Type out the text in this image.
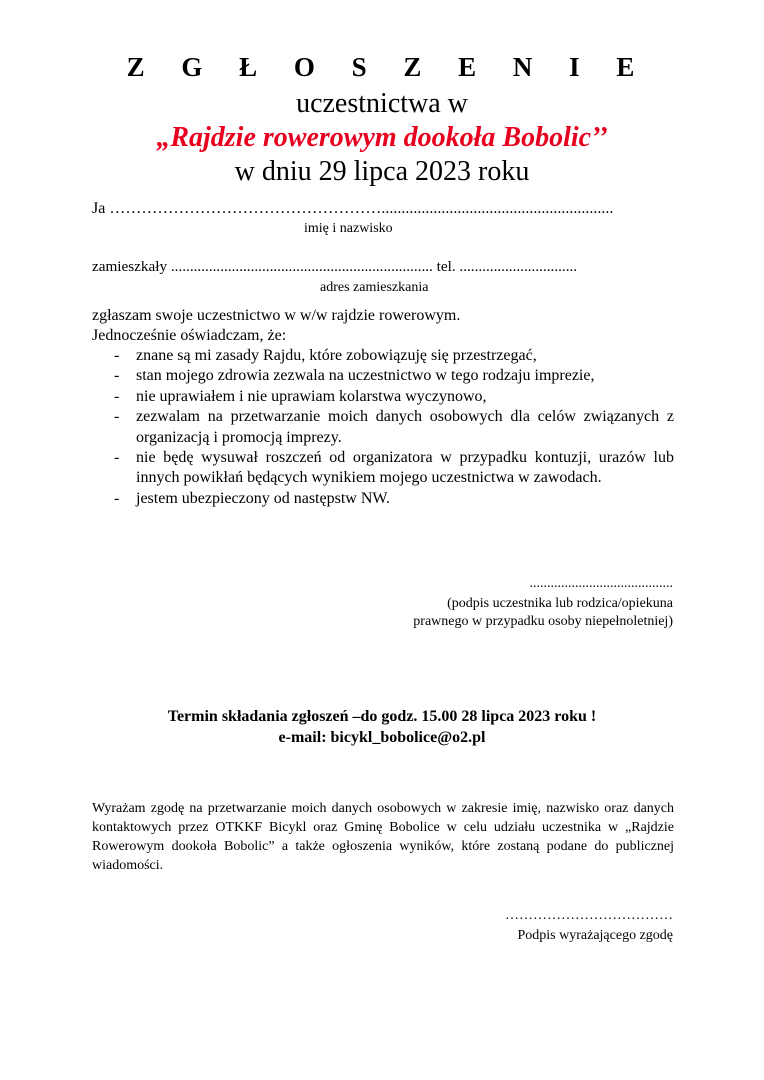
Z G Ł O S Z E N I E
uczestnictwa w
„Rajdzie rowerowym dookoła Bobolic’’
w dniu 29 lipca 2023 roku
Ja ……………………………………………..........................................................
imię i nazwisko
zamieszkały ..................................................................... tel. ...............................
adres zamieszkania
zgłaszam swoje uczestnictwo w w/w rajdzie rowerowym.
Jednocześnie oświadczam, że:
- znane są mi zasady Rajdu, które zobowiązuję się przestrzegać,
- stan mojego zdrowia zezwala na uczestnictwo w tego rodzaju imprezie,
- nie uprawiałem i nie uprawiam kolarstwa wyczynowo,
- zezwalam na przetwarzanie moich danych osobowych dla celów związanych z organizacją i promocją imprezy.
- nie będę wysuwał roszczeń od organizatora w przypadku kontuzji, urazów lub innych powikłań będących wynikiem mojego uczestnictwa w zawodach.
- jestem ubezpieczony od następstw NW.
.........................................
(podpis uczestnika lub rodzica/opiekuna
prawnego w przypadku osoby niepełnoletniej)
Termin składania zgłoszeń –do godz. 15.00 28 lipca 2023 roku !
e-mail: bicykl_bobolice@o2.pl
Wyrażam zgodę na przetwarzanie moich danych osobowych w zakresie imię, nazwisko oraz danych kontaktowych przez OTKKF Bicykl oraz Gminę Bobolice w celu udziału uczestnika w „Rajdzie Rowerowym dookoła Bobolic” a także ogłoszenia wyników, które zostaną podane do publicznej wiadomości.
………………………………
Podpis wyrażającego zgodę
